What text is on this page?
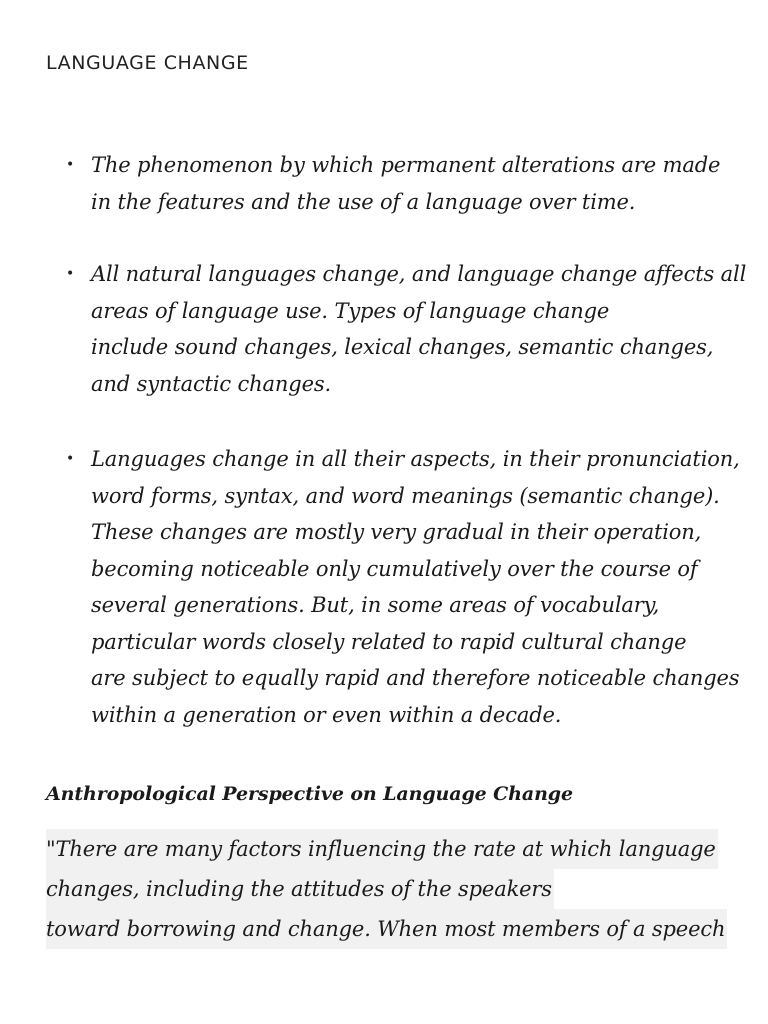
LANGUAGE CHANGE
• The phenomenon by which permanent alterations are made
in the features and the use of a language over time.
• All natural languages change, and language change affects all
areas of language use. Types of language change
include sound changes, lexical changes, semantic changes,
and syntactic changes.
• Languages change in all their aspects, in their pronunciation,
word forms, syntax, and word meanings (semantic change).
These changes are mostly very gradual in their operation,
becoming noticeable only cumulatively over the course of
several generations. But, in some areas of vocabulary,
particular words closely related to rapid cultural change
are subject to equally rapid and therefore noticeable changes
within a generation or even within a decade.
Anthropological Perspective on Language Change
"There are many factors influencing the rate at which language
changes, including the attitudes of the speakers
toward borrowing and change. When most members of a speech
